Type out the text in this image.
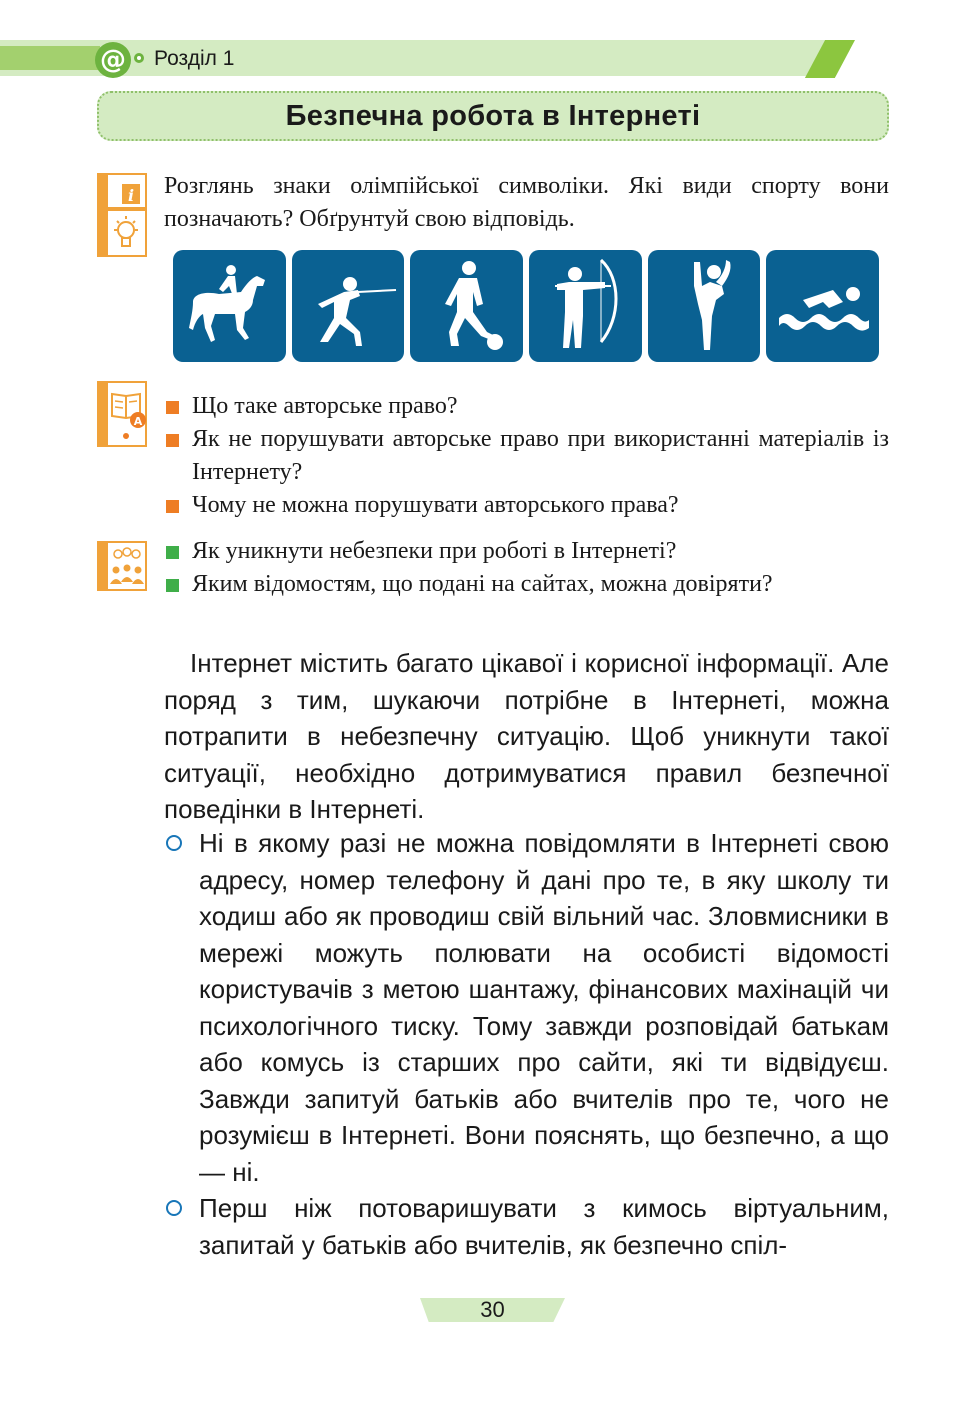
@ Розділ 1
Безпечна робота в Інтернеті
i Розглянь знаки олімпійської символіки. Які види спорту вони позначають? Обґрунтуй свою відповідь.
A
Що таке авторське право?
Як не порушувати авторське право при використанні матеріалів із Інтернету?
Чому не можна порушувати авторського права?
Як уникнути небезпеки при роботі в Інтернеті?
Яким відомостям, що подані на сайтах, можна довіряти?
Інтернет містить багато цікавої і корисної інформації. Але поряд з тим, шукаючи потрібне в Інтернеті, можна потрапити в небезпечну ситуацію. Щоб уникнути такої ситуації, необхідно дотримуватися правил безпечної поведінки в Інтернеті.
Ні в якому разі не можна повідомляти в Інтернеті свою адресу, номер телефону й дані про те, в яку школу ти ходиш або як проводиш свій вільний час. Зловмисники в мережі можуть полювати на особисті відомості користувачів з метою шантажу, фінансових махінацій чи психологічного тиску. Тому завжди розповідай батькам або комусь із старших про сайти, які ти відвідуєш. Завжди запитуй батьків або вчителів про те, чого не розумієш в Інтернеті. Вони пояснять, що безпечно, а що — ні.
Перш ніж потоваришувати з кимось віртуальним, запитай у батьків або вчителів, як безпечно спіл-
30
